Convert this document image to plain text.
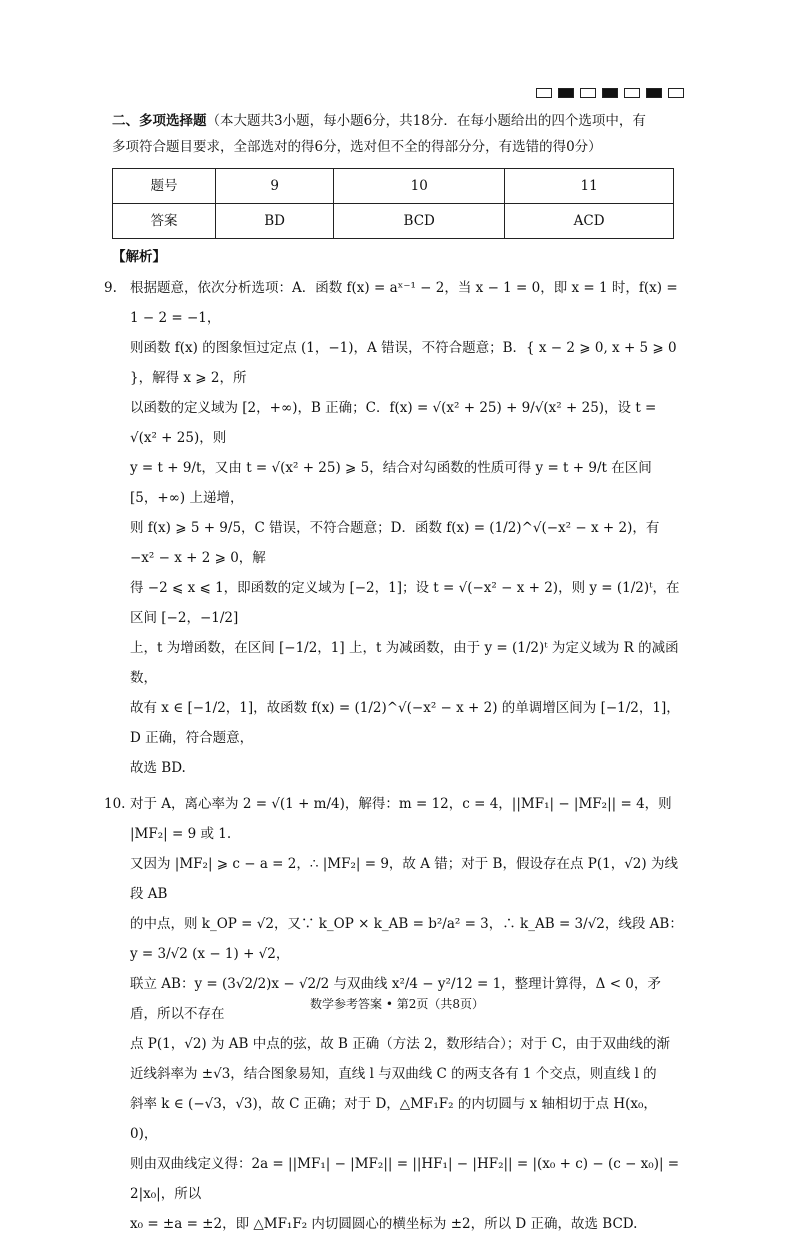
二、多项选择题（本大题共3小题，每小题6分，共18分．在每小题给出的四个选项中，有
多项符合题目要求，全部选对的得6分，选对但不全的得部分分，有选错的得0分）

题号	9	10	11
答案	BD	BCD	ACD
【解析】
9. 根据题意，依次分析选项：A．函数 f(x) = aˣ⁻¹ − 2，当 x − 1 = 0，即 x = 1 时，f(x) = 1 − 2 = −1，

则函数 f(x) 的图象恒过定点 (1，−1)，A 错误，不符合题意；B．{ x − 2 ⩾ 0, x + 5 ⩾ 0 }，解得 x ⩾ 2，所

以函数的定义域为 [2，+∞)，B 正确；C．f(x) = √(x² + 25) + 9/√(x² + 25)，设 t = √(x² + 25)，则

y = t + 9/t，又由 t = √(x² + 25) ⩾ 5，结合对勾函数的性质可得 y = t + 9/t 在区间 [5，+∞) 上递增，

则 f(x) ⩾ 5 + 9/5，C 错误，不符合题意；D．函数 f(x) = (1/2)^√(−x² − x + 2)，有 −x² − x + 2 ⩾ 0，解

得 −2 ⩽ x ⩽ 1，即函数的定义域为 [−2，1]；设 t = √(−x² − x + 2)，则 y = (1/2)ᵗ，在区间 [−2，−1/2]

上，t 为增函数，在区间 [−1/2，1] 上，t 为减函数，由于 y = (1/2)ᵗ 为定义域为 R 的减函数，

故有 x ∈ [−1/2，1]，故函数 f(x) = (1/2)^√(−x² − x + 2) 的单调增区间为 [−1/2，1]，D 正确，符合题意，

故选 BD.

10. 对于 A，离心率为 2 = √(1 + m/4)，解得：m = 12，c = 4，||MF₁| − |MF₂|| = 4，则 |MF₂| = 9 或 1.

又因为 |MF₂| ⩾ c − a = 2，∴ |MF₂| = 9，故 A 错；对于 B，假设存在点 P(1，√2) 为线段 AB

的中点，则 k_OP = √2，又∵ k_OP × k_AB = b²/a² = 3，∴ k_AB = 3/√2，线段 AB：y = 3/√2 (x − 1) + √2，

联立 AB：y = (3√2/2)x − √2/2 与双曲线 x²/4 − y²/12 = 1，整理计算得，Δ < 0，矛盾，所以不存在

点 P(1，√2) 为 AB 中点的弦，故 B 正确（方法 2，数形结合）；对于 C，由于双曲线的渐

近线斜率为 ±√3，结合图象易知，直线 l 与双曲线 C 的两支各有 1 个交点，则直线 l 的

斜率 k ∈ (−√3，√3)，故 C 正确；对于 D，△MF₁F₂ 的内切圆与 x 轴相切于点 H(x₀，0)，

则由双曲线定义得：2a = ||MF₁| − |MF₂|| = ||HF₁| − |HF₂|| = |(x₀ + c) − (c − x₀)| = 2|x₀|，所以

x₀ = ±a = ±2，即 △MF₁F₂ 内切圆圆心的横坐标为 ±2，所以 D 正确，故选 BCD.

数学参考答案 • 第2页（共8页）
